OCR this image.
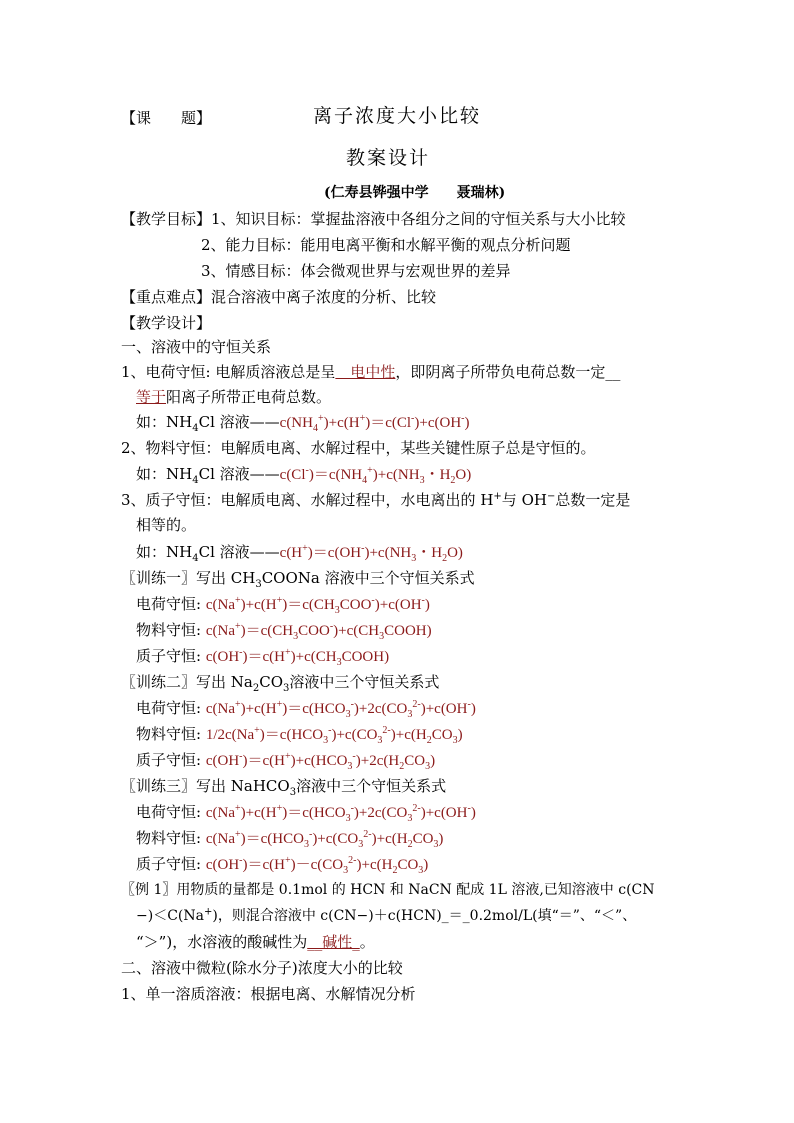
【课　　题】	离子浓度大小比较
教案设计
(仁寿县铧强中学　　聂瑞林)
【教学目标】1、知识目标：掌握盐溶液中各组分之间的守恒关系与大小比较
2、能力目标：能用电离平衡和水解平衡的观点分析问题
3、情感目标：体会微观世界与宏观世界的差异
【重点难点】混合溶液中离子浓度的分析、比较
【教学设计】
一、溶液中的守恒关系
1、电荷守恒: 电解质溶液总是呈　电中性，即阴离子所带负电荷总数一定__
等于阳离子所带正电荷总数。
如：$NH_4Cl$ 溶液$——c(NH_4^+)+c(H^+)=c(Cl^-)+c(OH^-)$
2、物料守恒：电解质电离、水解过程中，某些关键性原子总是守恒的。
如：$NH_4Cl$ 溶液$——c(Cl^-)=c(NH_4^+)+c(NH_3$・$H_2O$)
3、质子守恒：电解质电离、水解过程中，水电离出的 H+与 OH−总数一定是
相等的。
如：$NH_4Cl$ 溶液$——c(H^+)=c(OH^-)+c(NH_3$・$H_2O$)
〖训练一〗写出 $CH_3COONa$ 溶液中三个守恒关系式
电荷守恒: $c(Na^+)+c(H^+)=c(CH_3COO^-)+c(OH^-)$
物料守恒: $c(Na^+)=c(CH_3COO^-)+c(CH_3COOH)$
质子守恒: $c(OH^-)=c(H^+)+c(CH_3COOH)$
〖训练二〗写出 $Na_2CO_3$溶液中三个守恒关系式
电荷守恒: $c(Na^+)+c(H^+)=c(HCO_3^-)+2c(CO_3^{2-})+c(OH^-)$
物料守恒: $1/2c(Na^+)=c(HCO_3^-)+c(CO_3^{2-})+c(H_2CO_3)$
质子守恒: $c(OH^-)=c(H^+)+c(HCO_3^-)+2c(H_2CO_3)$
〖训练三〗写出 NaHCO$_3$溶液中三个守恒关系式
电荷守恒: $c(Na^+)+c(H^+)=c(HCO_3^-)+2c(CO_3^{2-})+c(OH^-)$
物料守恒: $c(Na^+)=c(HCO_3^-)+c(CO_3^{2-})+c(H_2CO_3)$
质子守恒: $c(OH^-)=c(H^+)-c(CO_3^{2-})+c(H_2CO_3)$
〖例 1〗用物质的量都是 0.1mol 的 HCN 和 NaCN 配成 1L 溶液,已知溶液中 c(CN
−)＜C(Na+)，则混合溶液中 c(CN−)＋c(HCN)_＝_0.2mol/L(填“＝”、“＜”、
“＞”)，水溶液的酸碱性为__碱性_。
二、溶液中微粒(除水分子)浓度大小的比较
1、单一溶质溶液：根据电离、水解情况分析
